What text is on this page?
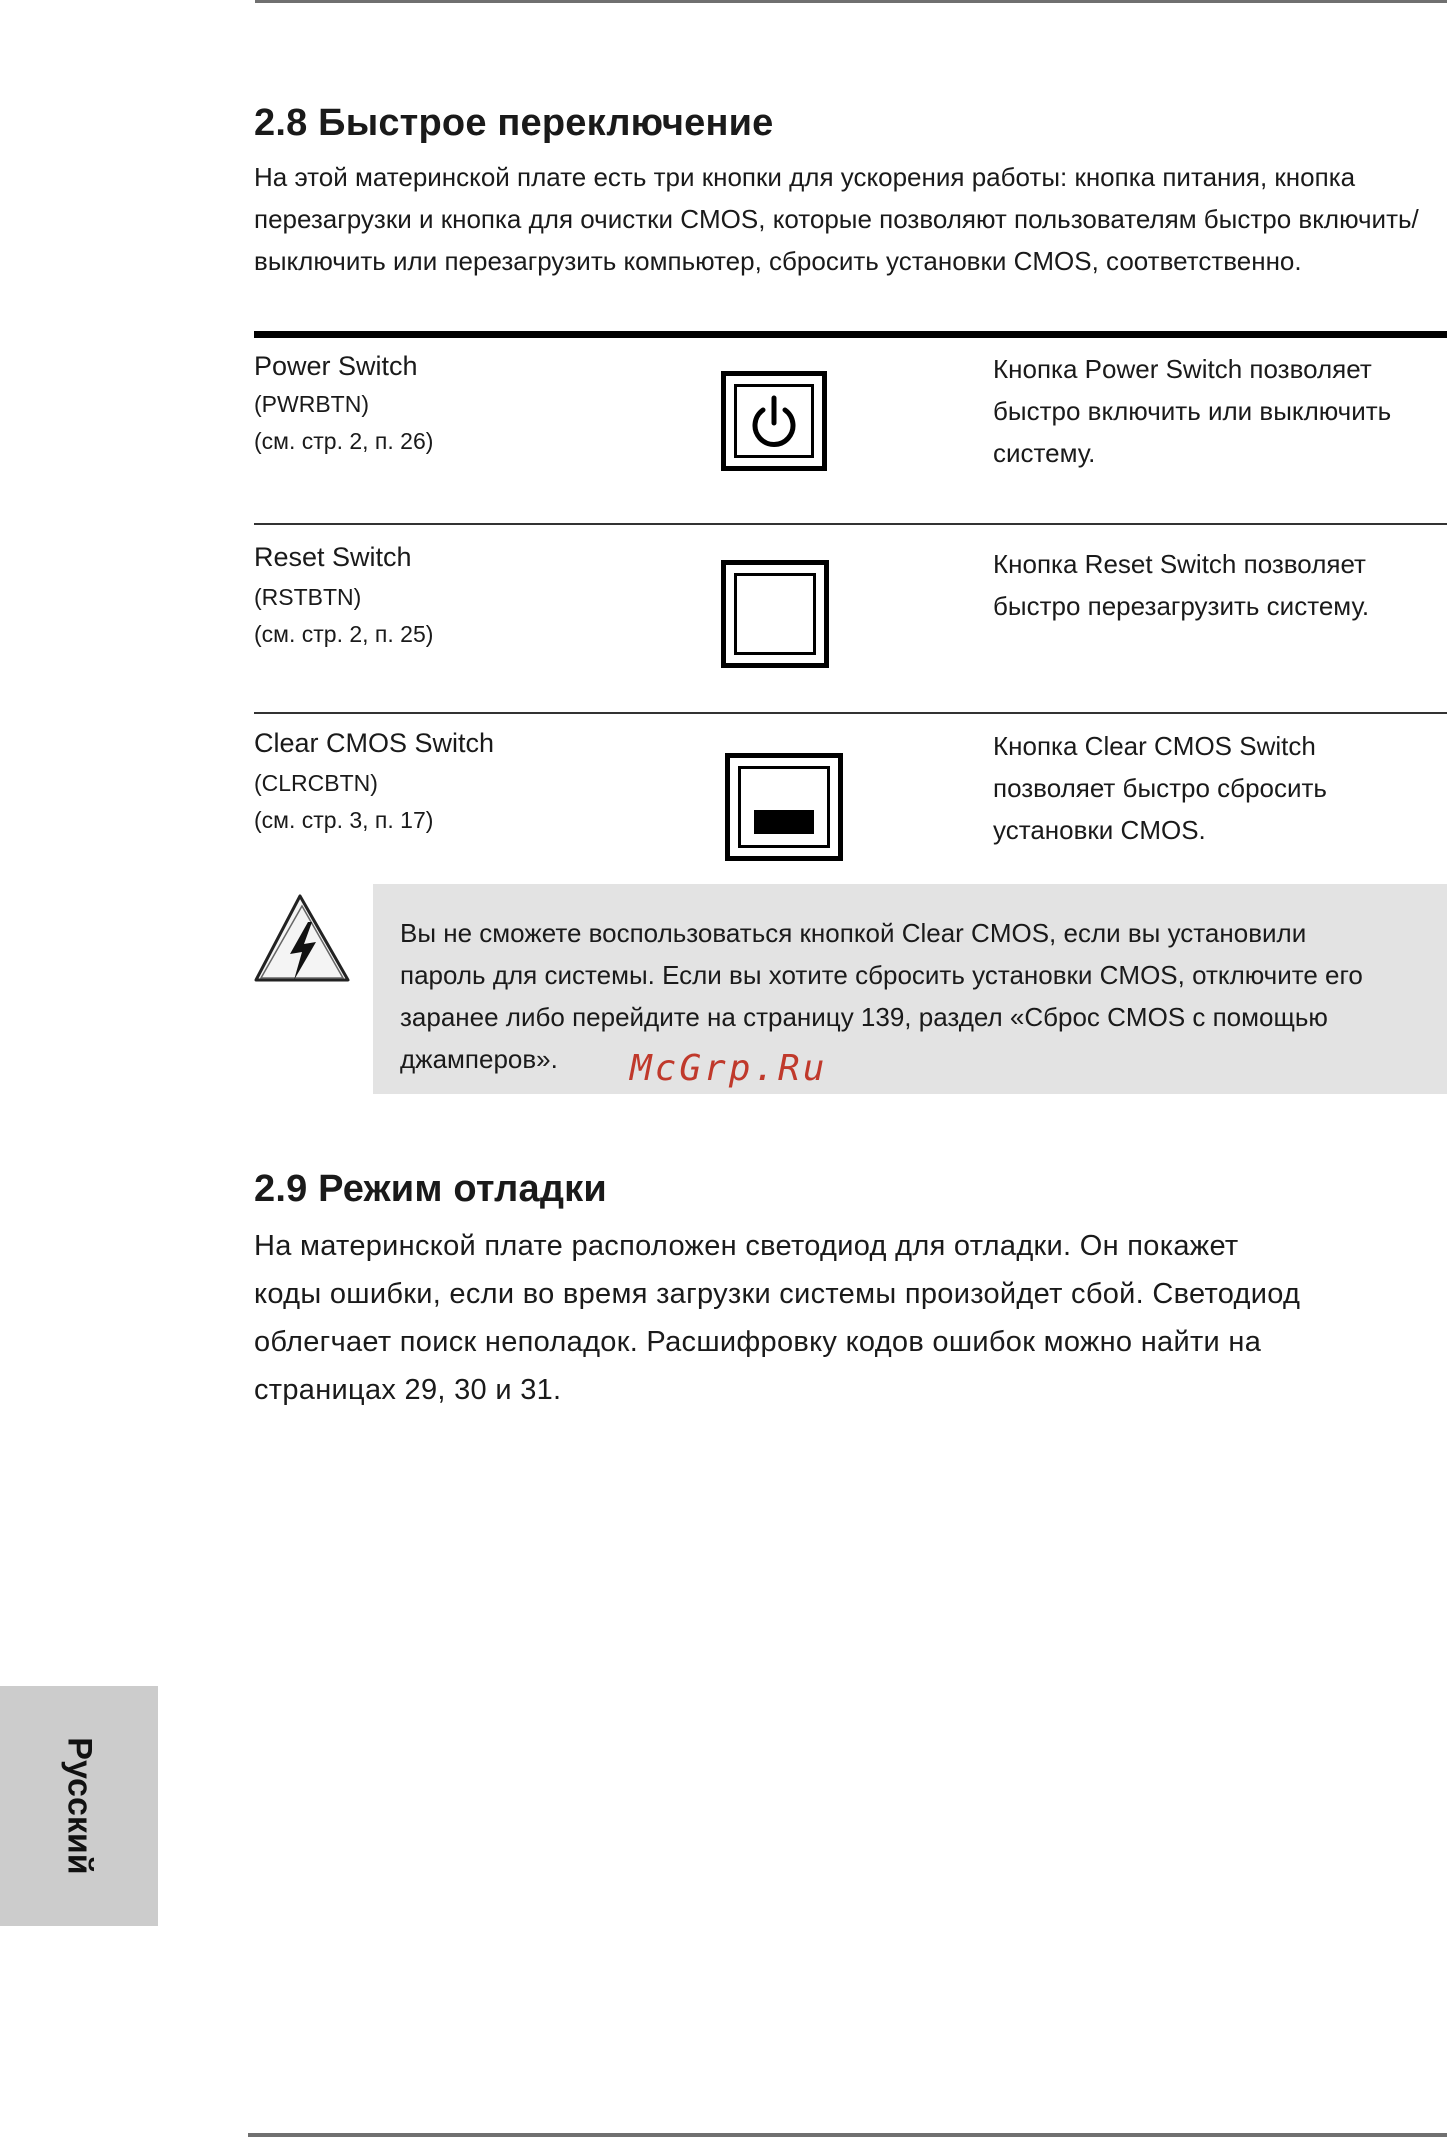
2.8 Быстрое переключение

На этой материнской плате есть три кнопки для ускорения работы: кнопка питания, кнопка перезагрузки и кнопка для очистки CMOS, которые позволяют пользователям быстро включить/выключить или перезагрузить компьютер, сбросить установки CMOS, соответственно.

Power Switch
(PWRBTN)
(см. стр. 2, п. 26)
Кнопка Power Switch позволяет
быстро включить или выключить
систему.
Reset Switch
(RSTBTN)
(см. стр. 2, п. 25)
Кнопка Reset Switch позволяет
быстро перезагрузить систему.
Clear CMOS Switch
(CLRCBTN)
(см. стр. 3, п. 17)
Кнопка Clear CMOS Switch
позволяет быстро сбросить
установки CMOS.
Вы не сможете воспользоваться кнопкой Clear CMOS, если вы установили
пароль для системы. Если вы хотите сбросить установки CMOS, отключите его
заранее либо перейдите на страницу 139, раздел «Сброс CMOS с помощью
джамперов».	McGrp.Ru
2.9 Режим отладки
На материнской плате расположен светодиод для отладки. Он покажет
коды ошибки, если во время загрузки системы произойдет сбой. Светодиод
облегчает поиск неполадок. Расшифровку кодов ошибок можно найти на
страницах 29, 30 и 31.
Русский
